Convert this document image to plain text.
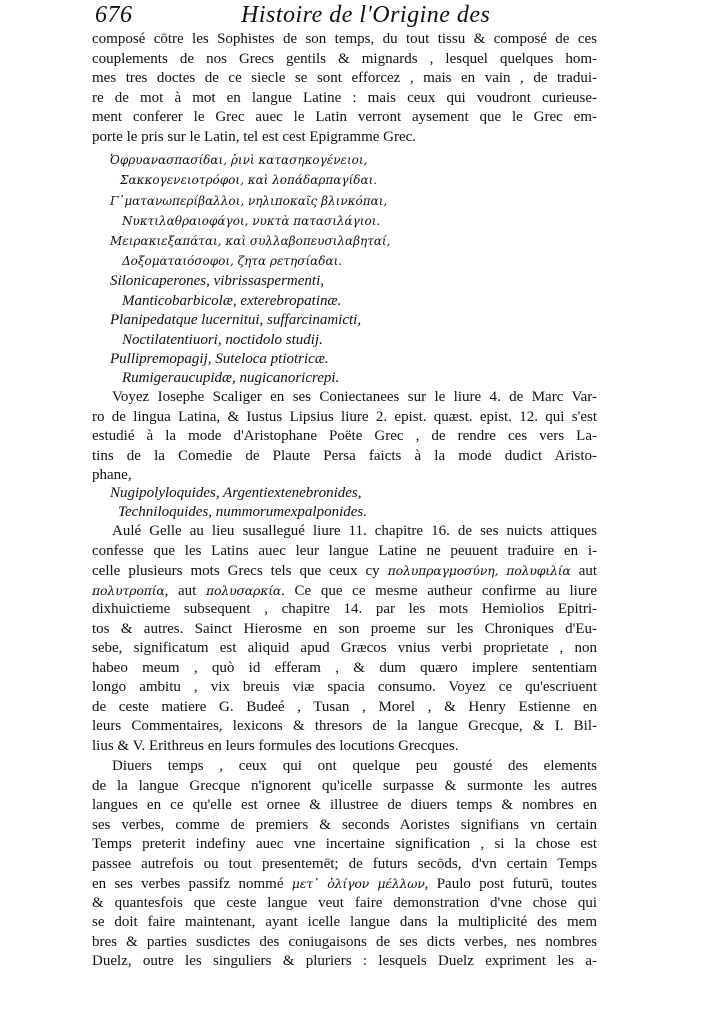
676	Histoire de l'Origine des
composé cōtre les Sophistes de son temps, du tout tissu & composé de ces
couplements de nos Grecs gentils & mignards , lesquel quelques hom-
mes tres doctes de ce siecle se sont efforcez , mais en vain , de tradui-
re de mot à mot en langue Latine : mais ceux qui voudront curieuse-
ment conferer le Grec auec le Latin verront aysement que le Grec em-
porte le pris sur le Latin, tel est cest Epigramme Grec.
Ὀφρυανασπασίδαι, ῥινὶ κατασηκογένειοι,
Σακκογενειοτρόφοι, καὶ λοπάδαρπαγίδαι.
Γ᾽ματανωπερίβαλλοι, νηλιποκαῖς βλινκόπαι,
Νυκτιλαθραιοφάγοι, νυκτὰ πατασιλάγιοι.
Μειρακιεξαπάται, καὶ συλλαβοπευσιλαβηταί,
Δοξοματαιόσοφοι, ζητα ρετησίαδαι.
Silonicaperones, vibrissaspermenti,
Manticobarbicolæ, exterebropatinæ.
Planipedatque lucernitui, suffarcinamicti,
Noctilatentiuori, noctidolo studij.
Pullipremopagij, Suteloca ptiotricæ.
Rumigeraucupidæ, nugicanoricrepi.
Voyez Iosephe Scaliger en ses Coniectanees sur le liure 4. de Marc Var-
ro de lingua Latina, & Iustus Lipsius liure 2. epist. quæst. epist. 12. qui s'est
estudié à la mode d'Aristophane Poëte Grec , de rendre ces vers La-
tins de la Comedie de Plaute Persa faicts à la mode dudict Aristo-
phane,
Nugipolyloquides, Argentiextenebronides,
Techniloquides, nummorumexpalponides.
Aulé Gelle au lieu susallegué liure 11. chapitre 16. de ses nuicts attiques
confesse que les Latins auec leur langue Latine ne peuuent traduire en i-
celle plusieurs mots Grecs tels que ceux cy πολυπραγμοσύνη, πολυφιλία aut
πολυτροπία, aut πολυσαρκία. Ce que ce mesme autheur confirme au liure
dixhuictieme subsequent , chapitre 14. par les mots Hemiolios Epitri-
tos & autres. Sainct Hierosme en son proeme sur les Chroniques d'Eu-
sebe, significatum est aliquid apud Græcos vnius verbi proprietate , non
habeo meum , quò id efferam , & dum quæro implere sententiam
longo ambitu , vix breuis viæ spacia consumo. Voyez ce qu'escriuent
de ceste matiere G. Budeé , Tusan , Morel , & Henry Estienne en
leurs Commentaires, lexicons & thresors de la langue Grecque, & I. Bil-
lius & V. Erithreus en leurs formules des locutions Grecques.
Diuers temps , ceux qui ont quelque peu gousté des elements
de la langue Grecque n'ignorent qu'icelle surpasse & surmonte les autres
langues en ce qu'elle est ornee & illustree de diuers temps & nombres en
ses verbes, comme de premiers & seconds Aoristes signifians vn certain
Temps preterit indefiny auec vne incertaine signification , si la chose est
passee autrefois ou tout presentemēt; de futurs secōds, d'vn certain Temps
en ses verbes passifz nommé μετ᾽ ὀλίγον μέλλων, Paulo post futurū, toutes
& quantesfois que ceste langue veut faire demonstration d'vne chose qui
se doit faire maintenant, ayant icelle langue dans la multiplicité des mem
bres & parties susdictes des coniugaisons de ses dicts verbes, nes nombres
Duelz, outre les singuliers & pluriers : lesquels Duelz expriment les a-
